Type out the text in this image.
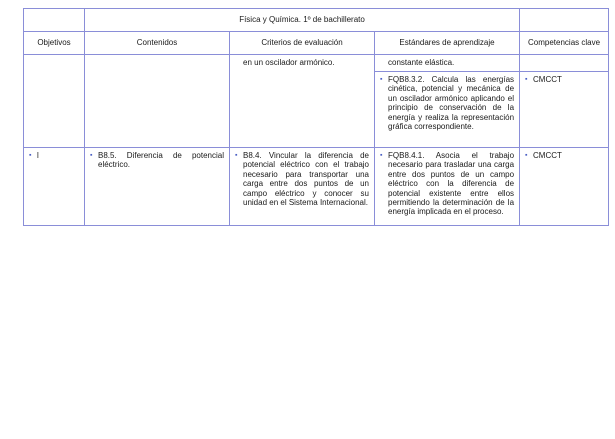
	Física y Química. 1º de bachillerato			
Objetivos	Contenidos	Criterios de evaluación	Estándares de aprendizaje	Competencias clave

		en un oscilador armónico.	constante elástica.	

			▪ FQB8.3.2. Calcula las energías cinética, potencial y mecánica de un oscilador armónico aplicando el principio de conservación de la energía y realiza la representación gráfica correspondiente.	▪ CMCCT

▪ l	▪ B8.5. Diferencia de potencial eléctrico.	▪ B8.4. Vincular la diferencia de potencial eléctrico con el trabajo necesario para transportar una carga entre dos puntos de un campo eléctrico y conocer su unidad en el Sistema Internacional.	▪ FQB8.4.1. Asocia el trabajo necesario para trasladar una carga entre dos puntos de un campo eléctrico con la diferencia de potencial existente entre ellos permitiendo la determinación de la energía implicada en el proceso.	▪ CMCCT
